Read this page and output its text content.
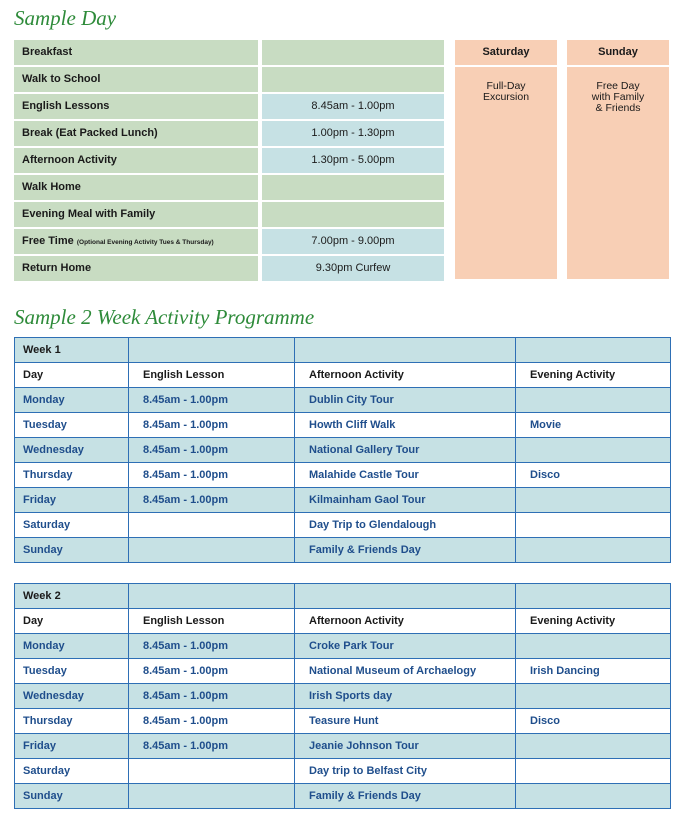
Sample Day
Breakfast
Walk to School
English Lessons	8.45am - 1.00pm
Break (Eat Packed Lunch)	1.00pm - 1.30pm
Afternoon Activity	1.30pm - 5.00pm
Walk Home
Evening Meal with Family
Free Time (Optional Evening Activity Tues & Thursday)	7.00pm - 9.00pm
Return Home	9.30pm Curfew
Saturday
Full-Day
Excursion
Sunday
Free Day
with Family
& Friends
Sample 2 Week Activity Programme
Week 1			
Day	English Lesson	Afternoon Activity	Evening Activity
Monday	8.45am - 1.00pm	Dublin City Tour	
Tuesday	8.45am - 1.00pm	Howth Cliff Walk	Movie
Wednesday	8.45am - 1.00pm	National Gallery Tour	
Thursday	8.45am - 1.00pm	Malahide Castle Tour	Disco
Friday	8.45am - 1.00pm	Kilmainham Gaol Tour	
Saturday		Day Trip to Glendalough	
Sunday		Family & Friends Day	
Week 2			
Day	English Lesson	Afternoon Activity	Evening Activity
Monday	8.45am - 1.00pm	Croke Park Tour	
Tuesday	8.45am - 1.00pm	National Museum of Archaelogy	Irish Dancing
Wednesday	8.45am - 1.00pm	Irish Sports day	
Thursday	8.45am - 1.00pm	Teasure Hunt	Disco
Friday	8.45am - 1.00pm	Jeanie Johnson Tour	
Saturday		Day trip to Belfast City	
Sunday		Family & Friends Day	
